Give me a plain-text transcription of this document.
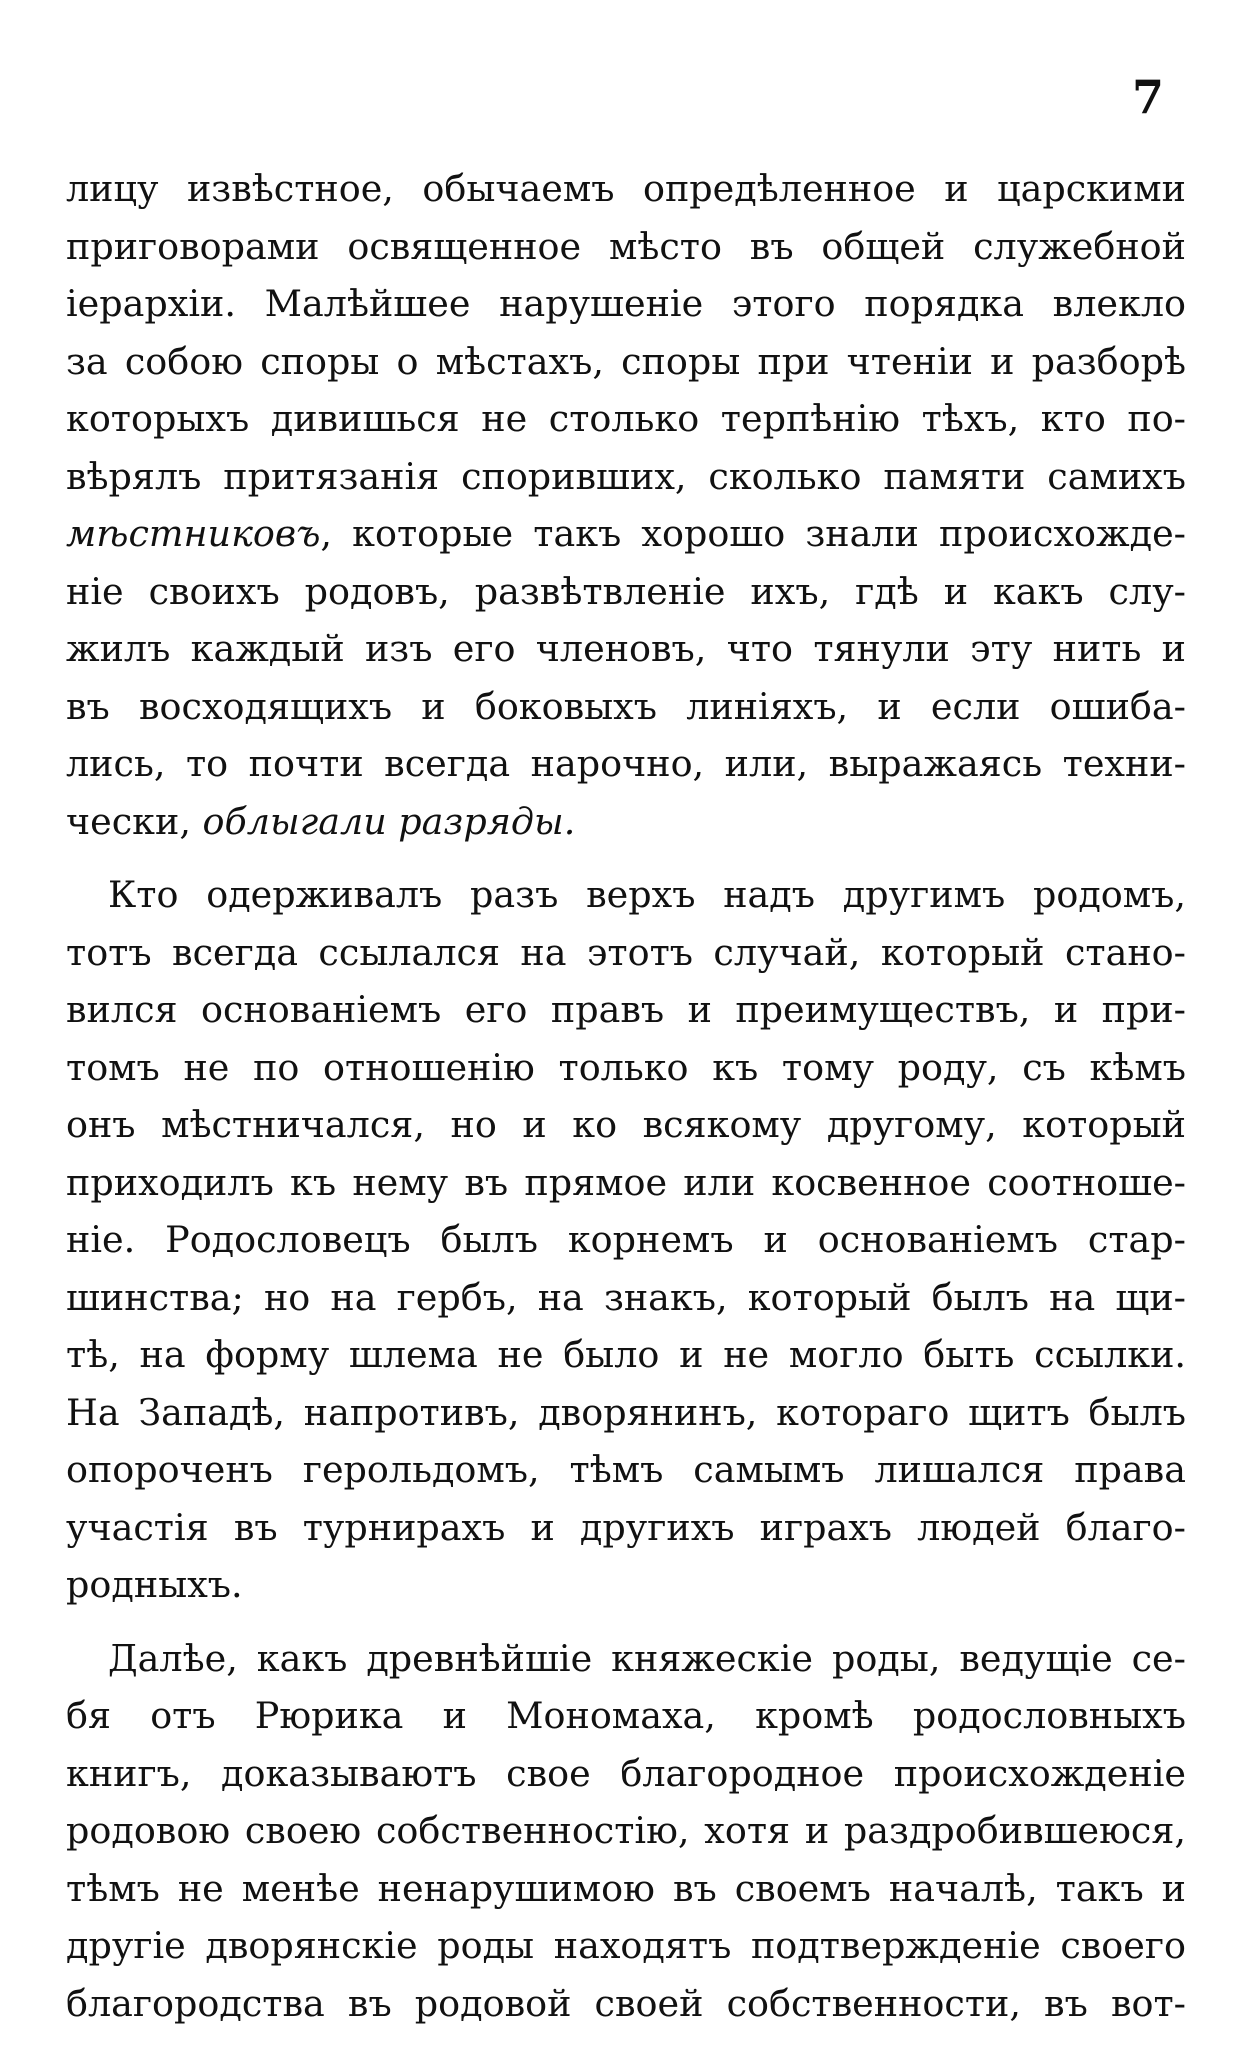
7
лицу извѣстное, обычаемъ опредѣленное и царскими
приговорами освященное мѣсто въ общей служебной
іерархіи. Малѣйшее нарушеніе этого порядка влекло
за собою споры о мѣстахъ, споры при чтеніи и разборѣ
которыхъ дивишься не столько терпѣнію тѣхъ, кто по-
вѣрялъ притязанія споривших, сколько памяти самихъ
мѣстниковъ, которые такъ хорошо знали происхожде-
ніе своихъ родовъ, развѣтвленіе ихъ, гдѣ и какъ слу-
жилъ каждый изъ его членовъ, что тянули эту нить и
въ восходящихъ и боковыхъ линіяхъ, и если ошиба-
лись, то почти всегда нарочно, или, выражаясь техни-
чески, облыгали разряды.
Кто одерживалъ разъ верхъ надъ другимъ родомъ,
тотъ всегда ссылался на этотъ случай, который стано-
вился основаніемъ его правъ и преимуществъ, и при-
томъ не по отношенію только къ тому роду, съ кѣмъ
онъ мѣстничался, но и ко всякому другому, который
приходилъ къ нему въ прямое или косвенное соотноше-
ніе. Родословецъ былъ корнемъ и основаніемъ стар-
шинства; но на гербъ, на знакъ, который былъ на щи-
тѣ, на форму шлема не было и не могло быть ссылки.
На Западѣ, напротивъ, дворянинъ, котораго щитъ былъ
опороченъ герольдомъ, тѣмъ самымъ лишался права
участія въ турнирахъ и другихъ играхъ людей благо-
родныхъ.
Далѣе, какъ древнѣйшіе княжескіе роды, ведущіе се-
бя отъ Рюрика и Мономаха, кромѣ родословныхъ
книгъ, доказываютъ свое благородное происхожденіе
родовою своею собственностію, хотя и раздробившеюся,
тѣмъ не менѣе ненарушимою въ своемъ началѣ, такъ и
другіе дворянскіе роды находятъ подтвержденіе своего
благородства въ родовой своей собственности, въ вот-
